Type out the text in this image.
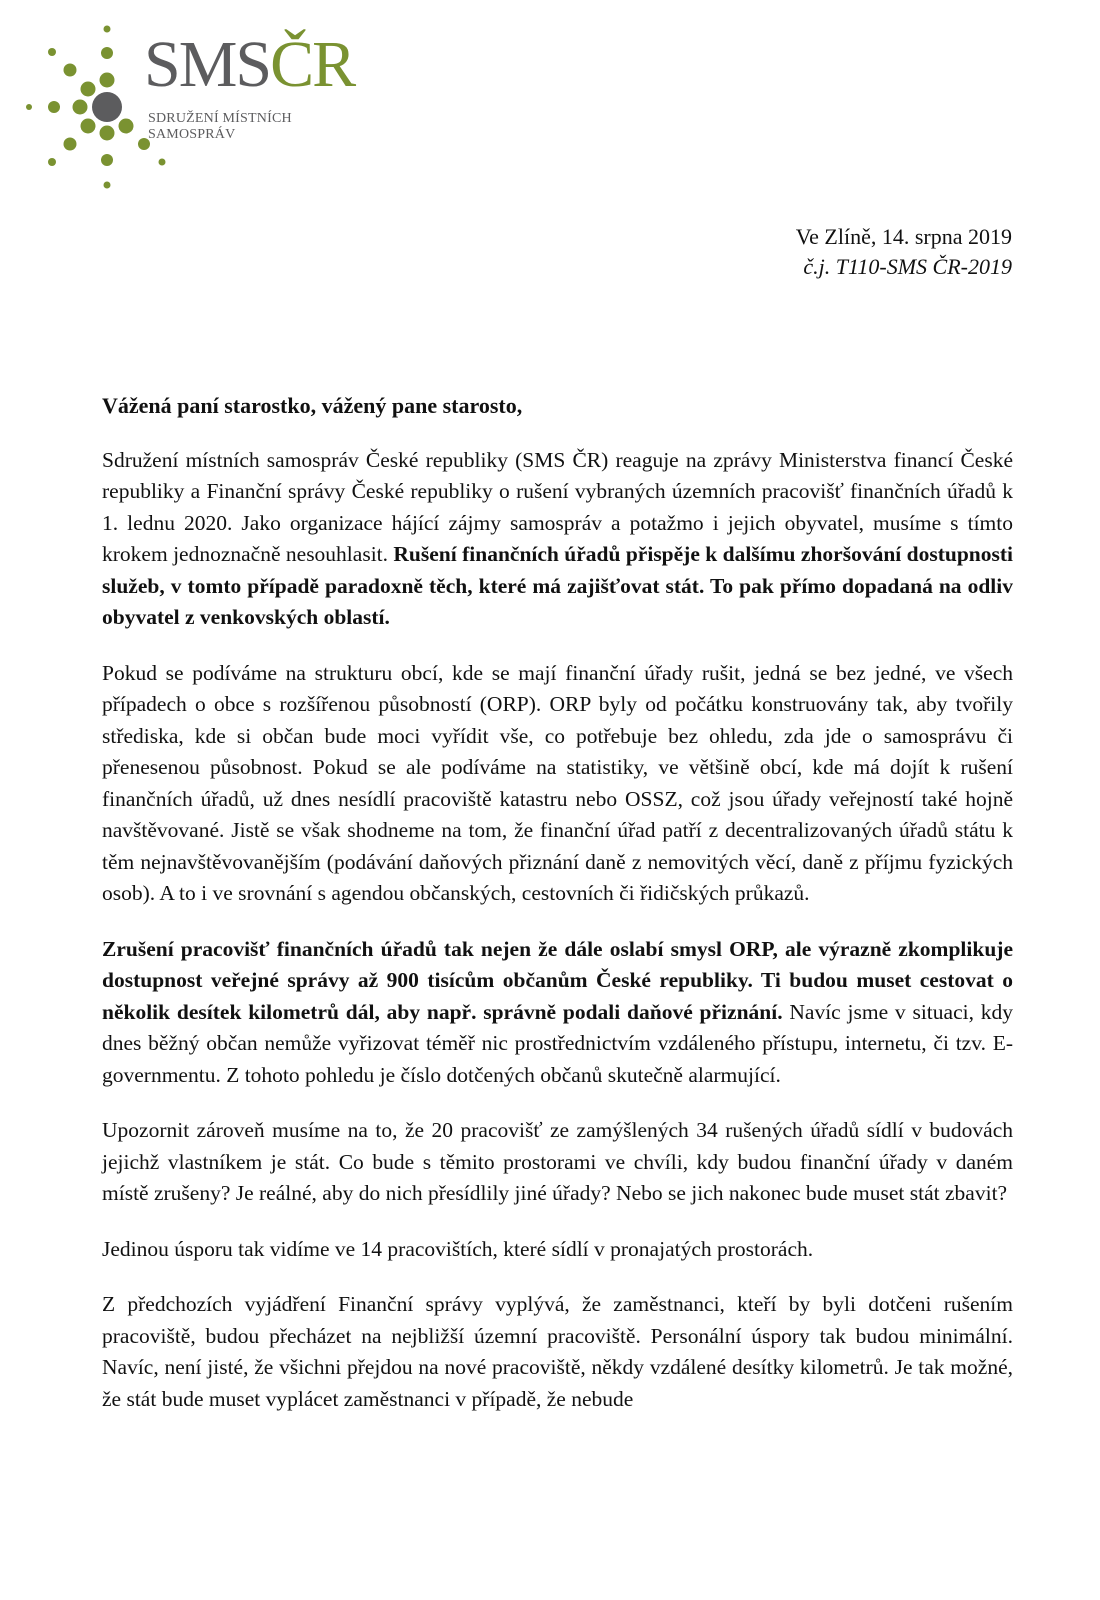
SMSČR
SDRUŽENÍ MÍSTNÍCH SAMOSPRÁV
Ve Zlíně, 14. srpna 2019
č.j. T110-SMS ČR-2019
Vážená paní starostko, vážený pane starosto,

Sdružení místních samospráv České republiky (SMS ČR) reaguje na zprávy Ministerstva financí České republiky a Finanční správy České republiky o rušení vybraných územních pracovišť finančních úřadů k 1. lednu 2020. Jako organizace hájící zájmy samospráv a potažmo i jejich obyvatel, musíme s tímto krokem jednoznačně nesouhlasit. Rušení finančních úřadů přispěje k dalšímu zhoršování dostupnosti služeb, v tomto případě paradoxně těch, které má zajišťovat stát. To pak přímo dopadaná na odliv obyvatel z venkovských oblastí.

Pokud se podíváme na strukturu obcí, kde se mají finanční úřady rušit, jedná se bez jedné, ve všech případech o obce s rozšířenou působností (ORP). ORP byly od počátku konstruovány tak, aby tvořily střediska, kde si občan bude moci vyřídit vše, co potřebuje bez ohledu, zda jde o samosprávu či přenesenou působnost. Pokud se ale podíváme na statistiky, ve většině obcí, kde má dojít k rušení finančních úřadů, už dnes nesídlí pracoviště katastru nebo OSSZ, což jsou úřady veřejností také hojně navštěvované. Jistě se však shodneme na tom, že finanční úřad patří z decentralizovaných úřadů státu k těm nejnavštěvovanějším (podávání daňových přiznání daně z nemovitých věcí, daně z příjmu fyzických osob). A to i ve srovnání s agendou občanských, cestovních či řidičských průkazů.

Zrušení pracovišť finančních úřadů tak nejen že dále oslabí smysl ORP, ale výrazně zkomplikuje dostupnost veřejné správy až 900 tisícům občanům České republiky. Ti budou muset cestovat o několik desítek kilometrů dál, aby např. správně podali daňové přiznání. Navíc jsme v situaci, kdy dnes běžný občan nemůže vyřizovat téměř nic prostřednictvím vzdáleného přístupu, internetu, či tzv. E-governmentu. Z tohoto pohledu je číslo dotčených občanů skutečně alarmující.

Upozornit zároveň musíme na to, že 20 pracovišť ze zamýšlených 34 rušených úřadů sídlí v budovách jejichž vlastníkem je stát. Co bude s těmito prostorami ve chvíli, kdy budou finanční úřady v daném místě zrušeny? Je reálné, aby do nich přesídlily jiné úřady? Nebo se jich nakonec bude muset stát zbavit?

Jedinou úsporu tak vidíme ve 14 pracovištích, které sídlí v pronajatých prostorách.

Z předchozích vyjádření Finanční správy vyplývá, že zaměstnanci, kteří by byli dotčeni rušením pracoviště, budou přecházet na nejbližší územní pracoviště. Personální úspory tak budou minimální. Navíc, není jisté, že všichni přejdou na nové pracoviště, někdy vzdálené desítky kilometrů. Je tak možné, že stát bude muset vyplácet zaměstnanci v případě, že nebude
